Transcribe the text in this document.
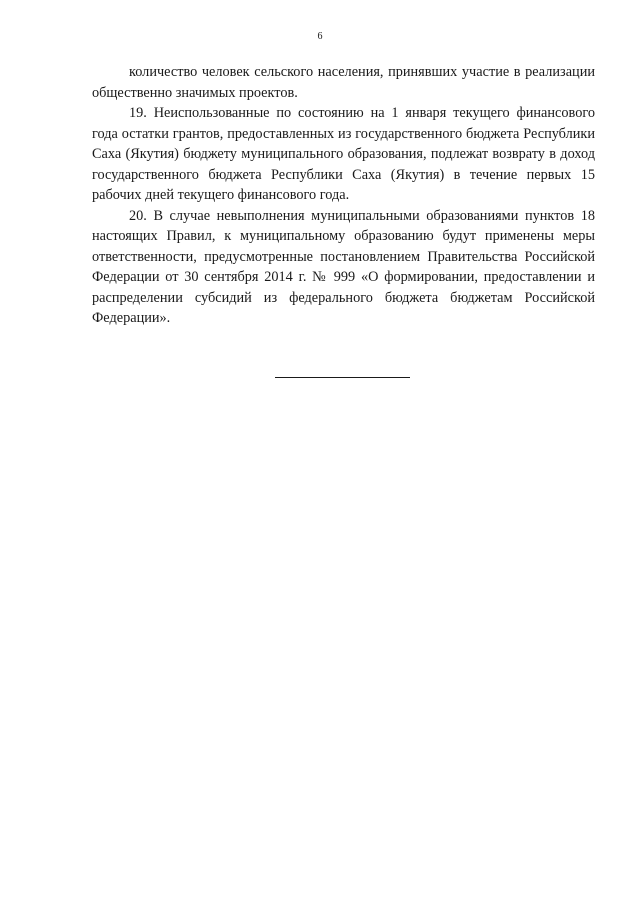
6

количество человек сельского населения, принявших участие в реализации общественно значимых проектов.

19. Неиспользованные по состоянию на 1 января текущего финансового года остатки грантов, предоставленных из государственного бюджета Республики Саха (Якутия) бюджету муниципального образования, подлежат возврату в доход государственного бюджета Республики Саха (Якутия) в течение первых 15 рабочих дней текущего финансового года.

20. В случае невыполнения муниципальными образованиями пунктов 18 настоящих Правил, к муниципальному образованию будут применены меры ответственности, предусмотренные постановлением Правительства Российской Федерации от 30 сентября 2014 г. № 999 «О формировании, предоставлении и распределении субсидий из федерального бюджета бюджетам Российской Федерации».
